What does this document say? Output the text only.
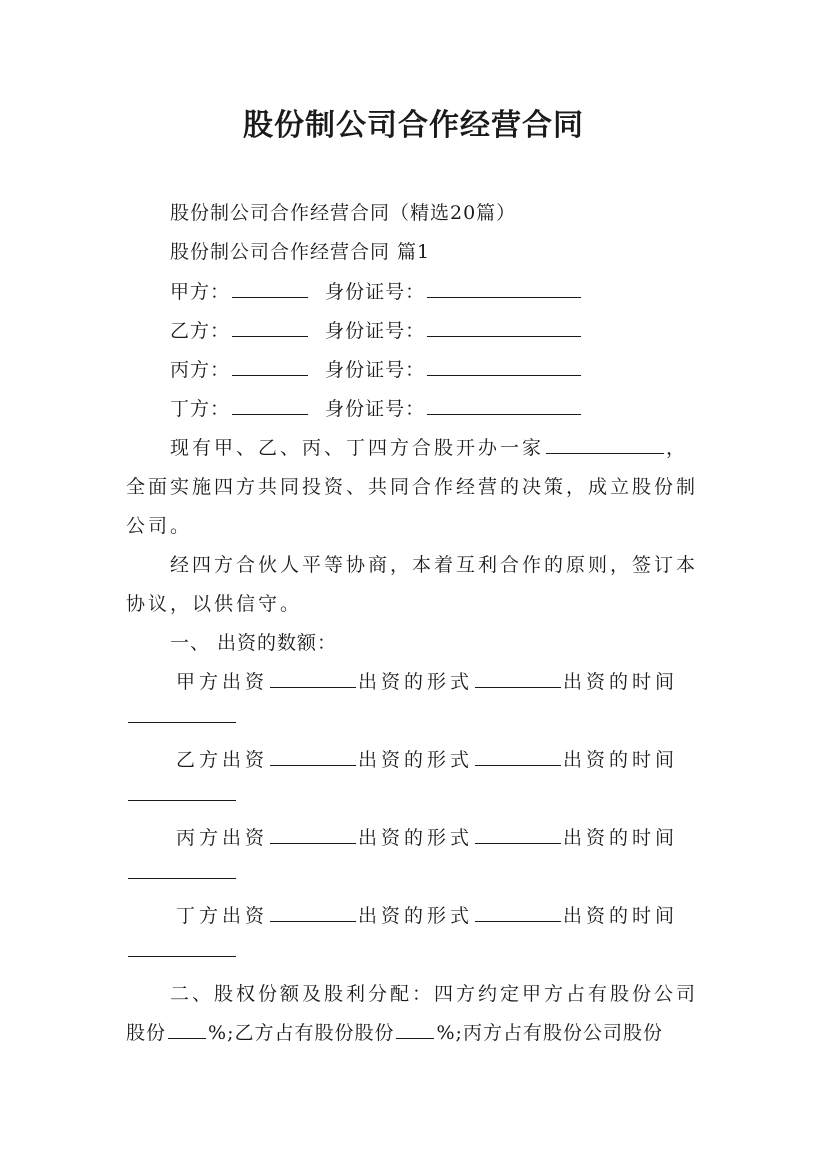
股份制公司合作经营合同
股份制公司合作经营合同（精选20篇）
股份制公司合作经营合同 篇1
甲方：	身份证号：
乙方：	身份证号：
丙方：	身份证号：
丁方：	身份证号：
现有甲、乙、丙、丁四方合股开办一家	，
全面实施四方共同投资、共同合作经营的决策，成立股份制
公司。
经四方合伙人平等协商，本着互利合作的原则，签订本
协议，以供信守。
一、 出资的数额：
甲方出资	出资的形式	出资的时间
乙方出资	出资的形式	出资的时间
丙方出资	出资的形式	出资的时间
丁方出资	出资的形式	出资的时间
二、股权份额及股利分配：四方约定甲方占有股份公司
股份 %;乙方占有股份股份 %;丙方占有股份公司股份
